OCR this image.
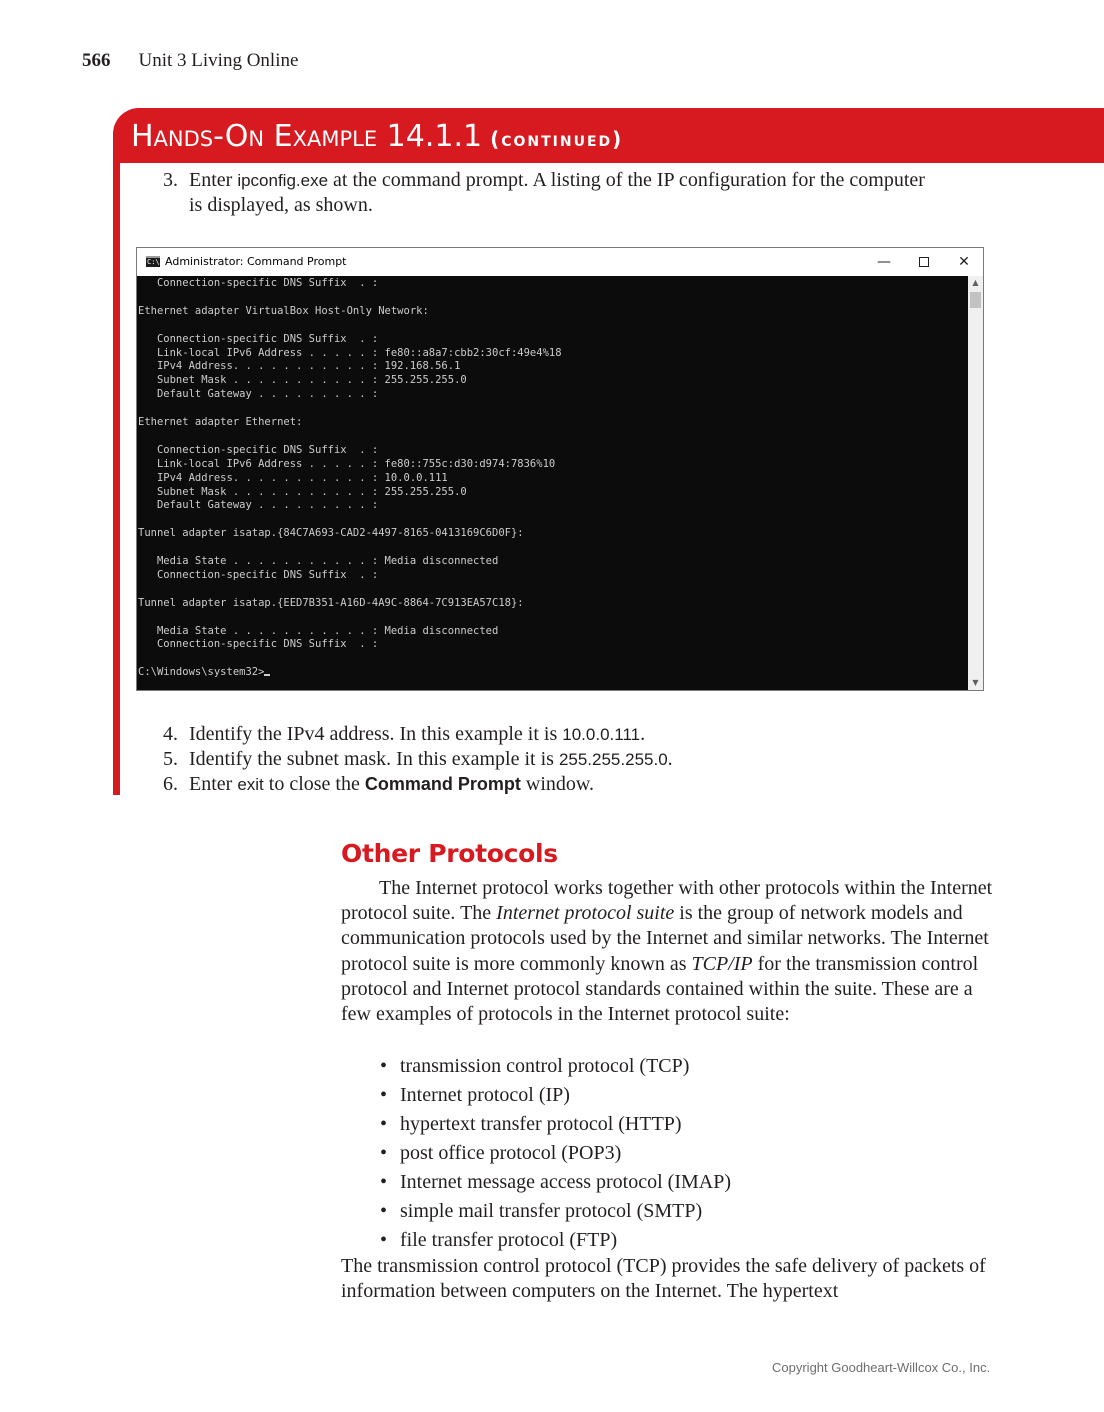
566 Unit 3 Living Online
Hands-On Example 14.1.1 (continued)
3. Enter ipconfig.exe at the command prompt. A listing of the IP configuration for the computer is displayed, as shown.
C:\ Administrator: Command Prompt	—	✕
Connection-specific DNS Suffix  . :
Ethernet adapter VirtualBox Host-Only Network:
Connection-specific DNS Suffix  . :
Link-local IPv6 Address . . . . . : fe80::a8a7:cbb2:30cf:49e4%18
IPv4 Address. . . . . . . . . . . : 192.168.56.1
Subnet Mask . . . . . . . . . . . : 255.255.255.0
Default Gateway . . . . . . . . . :
Ethernet adapter Ethernet:
Connection-specific DNS Suffix  . :
Link-local IPv6 Address . . . . . : fe80::755c:d30:d974:7836%10
IPv4 Address. . . . . . . . . . . : 10.0.0.111
Subnet Mask . . . . . . . . . . . : 255.255.255.0
Default Gateway . . . . . . . . . :
Tunnel adapter isatap.{84C7A693-CAD2-4497-8165-0413169C6D0F}:
Media State . . . . . . . . . . . : Media disconnected
Connection-specific DNS Suffix  . :
Tunnel adapter isatap.{EED7B351-A16D-4A9C-8864-7C913EA57C18}:
Media State . . . . . . . . . . . : Media disconnected
Connection-specific DNS Suffix  . :
C:\Windows\system32>
▲
▼
4. Identify the IPv4 address. In this example it is 10.0.0.111.
5. Identify the subnet mask. In this example it is 255.255.255.0.
6. Enter exit to close the Command Prompt window.
Other Protocols
The Internet protocol works together with other protocols within the Internet protocol suite. The Internet protocol suite is the group of network models and communication protocols used by the Internet and similar networks. The Internet protocol suite is more commonly known as TCP/IP for the transmission control protocol and Internet protocol standards contained within the suite. These are a few examples of protocols in the Internet protocol suite:
• transmission control protocol (TCP)
• Internet protocol (IP)
• hypertext transfer protocol (HTTP)
• post office protocol (POP3)
• Internet message access protocol (IMAP)
• simple mail transfer protocol (SMTP)
• file transfer protocol (FTP)
The transmission control protocol (TCP) provides the safe delivery of packets of information between computers on the Internet. The hypertext
Copyright Goodheart-Willcox Co., Inc.
